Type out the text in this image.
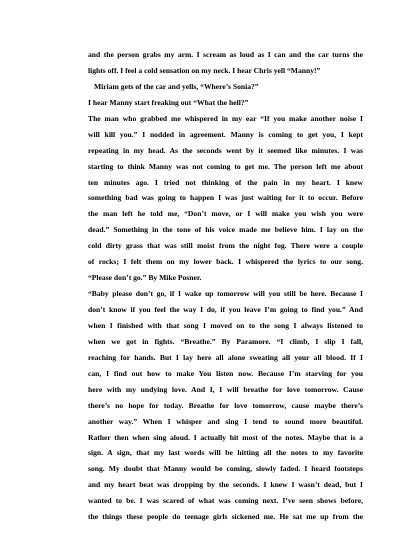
and the person grabs my arm. I scream as loud as I can and the car turns the
lights off. I feel a cold sensation on my neck. I hear Chris yell “Manny!”
Miriam gets of the car and yells, “Where’s Sonia?”
I hear Manny start freaking out “What the hell?”
The man who grabbed me whispered in my ear “If you make another noise I
will kill you.” I nodded in agreement. Manny is coming to get you, I kept
repeating in my head. As the seconds went by it seemed like minutes. I was
starting to think Manny was not coming to get me. The person left me about
ten minutes ago. I tried not thinking of the pain in my heart. I knew
something bad was going to happen I was just waiting for it to occur. Before
the man left he told me, “Don’t move, or I will make you wish you were
dead.” Something in the tone of his voice made me believe him. I lay on the
cold dirty grass that was still moist from the night fog. There were a couple
of rocks; I felt them on my lower back. I whispered the lyrics to our song.
“Please don’t go.” By Mike Posner.
“Baby please don’t go, if I wake up tomorrow will you still be here. Because I
don’t know if you feel the way I do, if you leave I’m going to find you.” And
when I finished with that song I moved on to the song I always listened to
when we got in fights. “Breathe.” By Paramore. “I climb, I slip I fall,
reaching for hands. But I lay here all alone sweating all your all blood. If I
can, I find out how to make You listen now. Because I’m starving for you
here with my undying love. And I, I will breathe for love tomorrow. Cause
there’s no hope for today. Breathe for love tomorrow, cause maybe there’s
another way.” When I whisper and sing I tend to sound more beautiful.
Rather then when sing aloud. I actually hit most of the notes. Maybe that is a
sign. A sign, that my last words will be hitting all the notes to my favorite
song. My doubt that Manny would be coming, slowly faded. I heard footsteps
and my heart beat was dropping by the seconds. I knew I wasn’t dead, but I
wanted to be. I was scared of what was coming next. I’ve seen shows before,
the things these people do teenage girls sickened me. He sat me up from the
